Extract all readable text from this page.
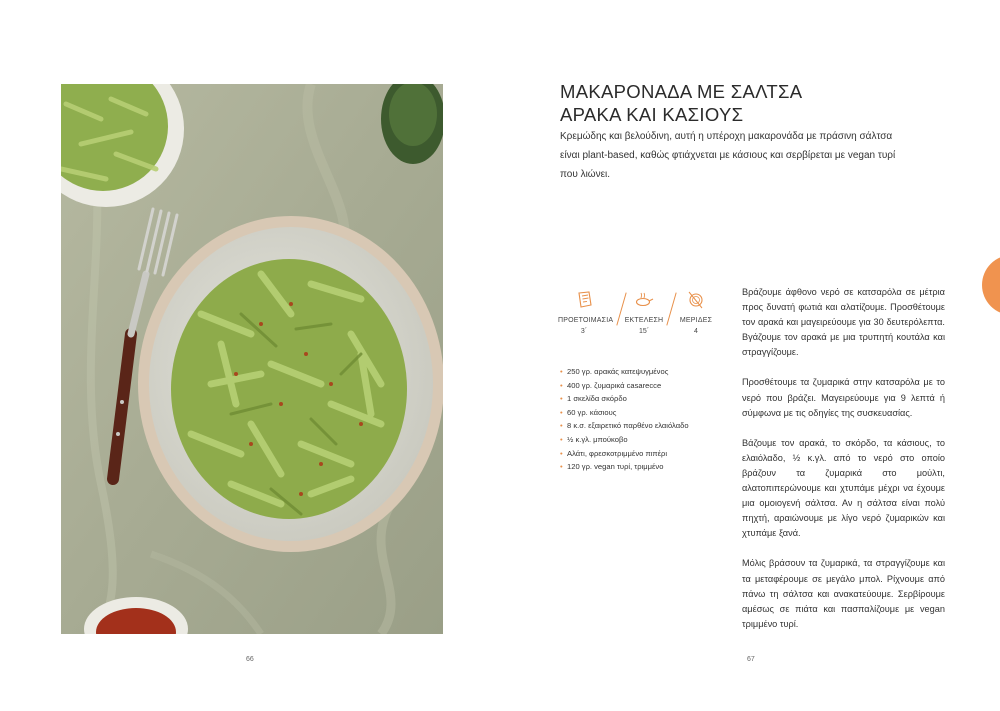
66
ΜΑΚΑΡΟΝΑΔΑ ΜΕ ΣΑΛΤΣΑ
ΑΡΑΚΑ ΚΑΙ ΚΑΣΙΟΥΣ

Κρεμώδης και βελούδινη, αυτή η υπέροχη μακαρονάδα με πράσινη σάλτσα είναι plant-based, καθώς φτιάχνεται με κάσιους και σερβίρεται με vegan τυρί που λιώνει.

ΠΡΟΕΤΟΙΜΑΣΙΑ
3΄
ΕΚΤΕΛΕΣΗ
15΄
ΜΕΡΙΔΕΣ
4
• 250 γρ. αρακάς κατεψυγμένος
• 400 γρ. ζυμαρικά casarecce
• 1 σκελίδα σκόρδο
• 60 γρ. κάσιους
• 8 κ.σ. εξαιρετικό παρθένο ελαιόλαδο
• ½ κ.γλ. μπούκοβο
• Αλάτι, φρεσκοτριμμένο πιπέρι
• 120 γρ. vegan τυρί, τριμμένο

Βράζουμε άφθονο νερό σε κατσαρόλα σε μέτρια προς δυνατή φωτιά και αλατίζουμε. Προσθέτουμε τον αρακά και μαγειρεύουμε για 30 δευτερόλεπτα. Βγάζουμε τον αρακά με μια τρυπητή κουτάλα και στραγγίζουμε.

Προσθέτουμε τα ζυμαρικά στην κατσαρόλα με το νερό που βράζει. Μαγειρεύουμε για 9 λεπτά ή σύμφωνα με τις οδηγίες της συσκευασίας.

Βάζουμε τον αρακά, το σκόρδο, τα κάσιους, το ελαιόλαδο, ½ κ.γλ. από το νερό στο οποίο βράζουν τα ζυμαρικά στο μούλτι, αλατοπιπερώνουμε και χτυπάμε μέχρι να έχουμε μια ομοιογενή σάλτσα. Αν η σάλτσα είναι πολύ πηχτή, αραιώνουμε με λίγο νερό ζυμαρικών και χτυπάμε ξανά.

Μόλις βράσουν τα ζυμαρικά, τα στραγγίζουμε και τα μεταφέρουμε σε μεγάλο μπολ. Ρίχνουμε από πάνω τη σάλτσα και ανακατεύουμε. Σερβίρουμε αμέσως σε πιάτα και πασπαλίζουμε με vegan τριμμένο τυρί.

67
